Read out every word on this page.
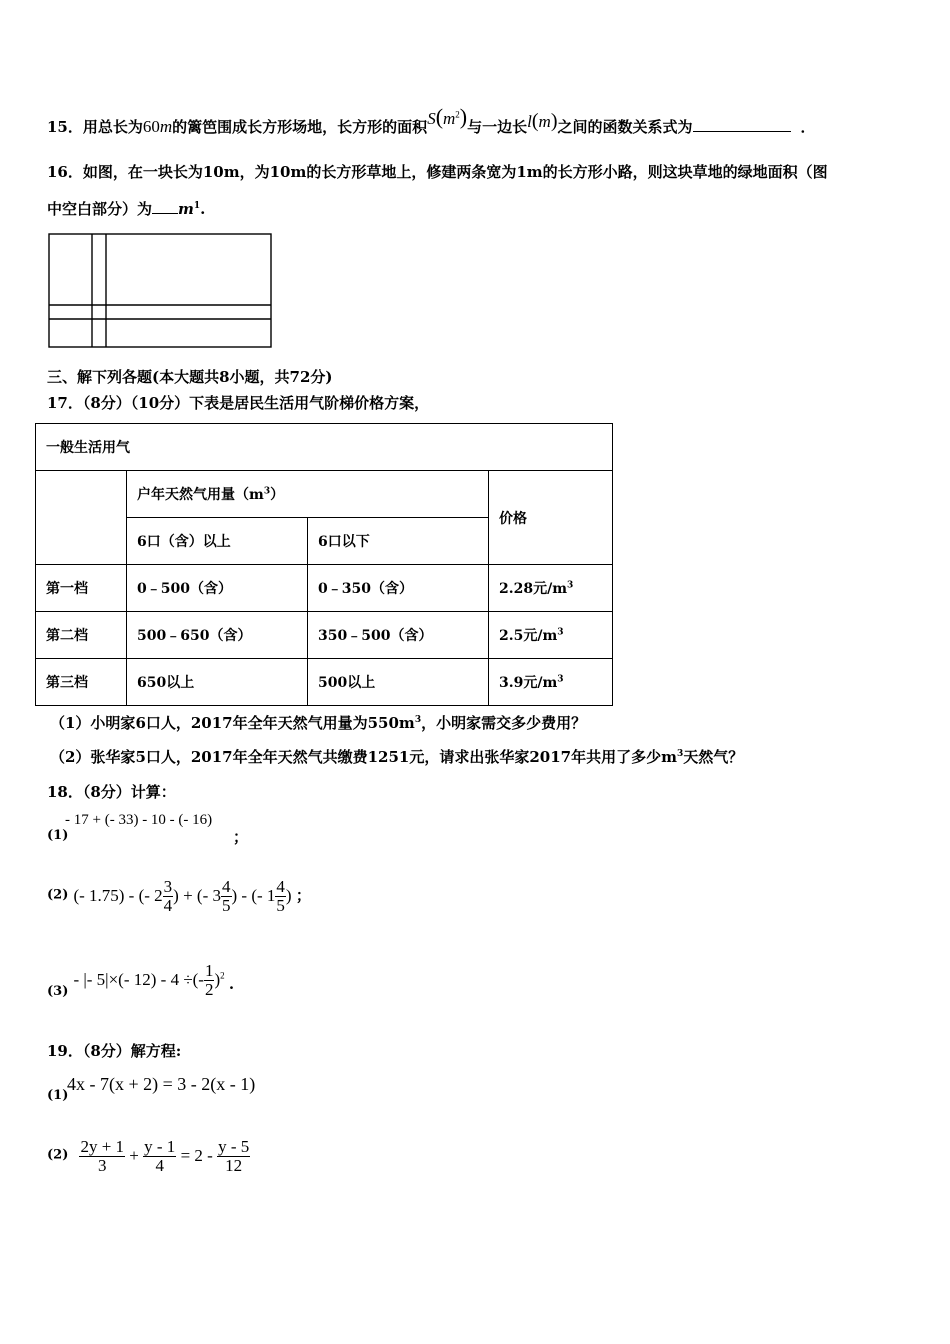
15．用总长为60m的篱笆围成长方形场地，长方形的面积$S(m^2)$与一边长l(m)之间的函数关系式为	．
16．如图，在一块长为10m，为10m的长方形草地上，修建两条宽为1m的长方形小路，则这块草地的绿地面积（图
中空白部分）为 $m^1$.
三、解下列各题(本大题共8小题，共72分)
17．（8分）（10分）下表是居民生活用气阶梯价格方案，
一般生活用气			
	户年天然气用量$(m^3)$		价格
	6口（含）以上	6口以下	
第一档	0﹣500（含）	0﹣350（含）	2.28元$/m^3$
第二档	500﹣650（含）	350﹣500（含）	2.5元$/m^3$
第三档	650以上	500以上	3.9元$/m^3$
（1）小明家6口人，2017年全年天然气用量为$550m^3$，小明家需交多少费用？
（2）张华家5口人，2017年全年天然气共缴费1251元，请求出张华家2017年共用了多少$m^3$天然气？
18．（8分）计算：
(1)
- 17 + (- 33) - 10 - (- 16)
；
(2) (- 1.75) - (- $2 \frac{3}{4}$ ) + (- $3 \frac{4}{5}$ ) - (- $1 \frac{4}{5}$ ) ；
$_{(3)}$ - |- 5|×(- 12) - 4 ÷(- $\frac{1}{2} )^2$ .
19．（8分）解方程:
(1)
4x - 7(x + 2) = 3 - 2(x - 1)
$(2) \frac{2y + 1}{3} + \frac{y - 1}{4} = 2 - \frac{y - 5}{12}$
